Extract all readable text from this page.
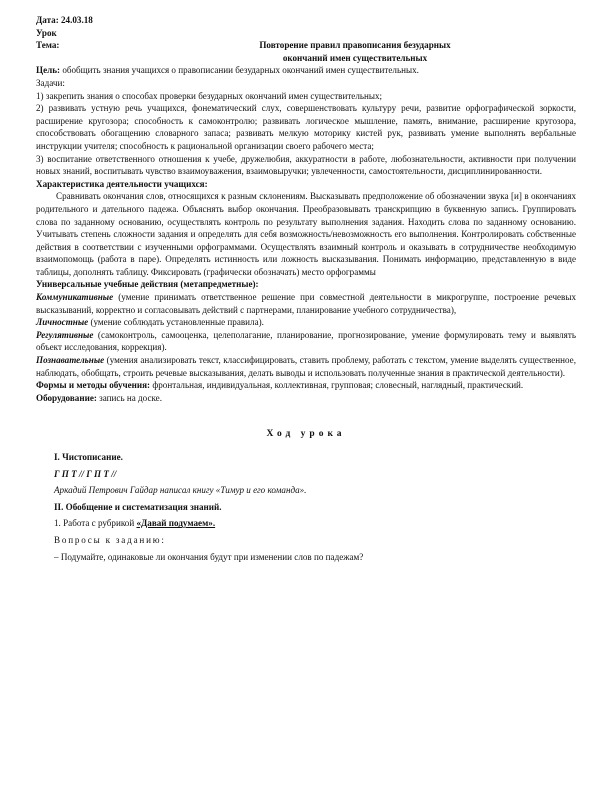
Дата: 24.03.18

Урок

Тема:	Повторение правил правописания безударных
окончаний имен существительных

Цель: обобщить знания учащихся о правописании безударных окончаний имен существительных.

Задачи:

1) закрепить знания о способах проверки безударных окончаний имен существительных;

2) развивать устную речь учащихся, фонематический слух, совершенствовать культуру речи, развитие орфографической зоркости, расширение кругозора; способность к самоконтролю; развивать логическое мышление, память, внимание, расширение кругозора, способствовать обогащению словарного запаса; развивать мелкую моторику кистей рук, развивать умение выполнять вербальные инструкции учителя; способность к рациональной организации своего рабочего места;

3) воспитание ответственного отношения к учебе, дружелюбия, аккуратности в работе, любознательности, активности при получении новых знаний, воспитывать чувство взаимоуважения, взаимовыручки; увлеченности, самостоятельности, дисциплинированности.

Характеристика деятельности учащихся:

Сравнивать окончания слов, относящихся к разным склонениям. Высказывать предположение об обозначении звука [и] в окончаниях родительного и дательного падежа. Объяснять выбор окончания. Преобразовывать транскрипцию в буквенную запись. Группировать слова по заданному основанию, осуществлять контроль по результату выполнения задания. Находить слова по заданному основанию. Учитывать степень сложности задания и определять для себя возможность/невозможность его выполнения. Контролировать собственные действия в соответствии с изученными орфограммами. Осуществлять взаимный контроль и оказывать в сотрудничестве необходимую взаимопомощь (работа в паре). Определять истинность или ложность высказывания. Понимать информацию, представленную в виде таблицы, дополнять таблицу. Фиксировать (графически обозначать) место орфограммы

Универсальные учебные действия (метапредметные):

Коммуникативные (умение принимать ответственное решение при совместной деятельности в микрогруппе, построение речевых высказываний, корректно и согласовывать действий с партнерами, планирование учебного сотрудничества),

Личностные (умение соблюдать установленные правила).

Регулятивные (самоконтроль, самооценка, целеполагание, планирование, прогнозирование, умение формулировать тему и выявлять объект исследования, коррекция).

Познавательные (умения анализировать текст, классифицировать, ставить проблему, работать с текстом, умение выделять существенное, наблюдать, обобщать, строить речевые высказывания, делать выводы и использовать полученные знания в практической деятельности).

Формы и методы обучения: фронтальная, индивидуальная, коллективная, групповая; словесный, наглядный, практический.

Оборудование: запись на доске.

Ход урока

I. Чистописание.

Г П Т // Г П Т //

Аркадий Петрович Гайдар написал книгу «Тимур и его команда».

II. Обобщение и систематизация знаний.

1. Работа с рубрикой «Давай подумаем».

Вопросы к заданию:

– Подумайте, одинаковые ли окончания будут при изменении слов по падежам?
